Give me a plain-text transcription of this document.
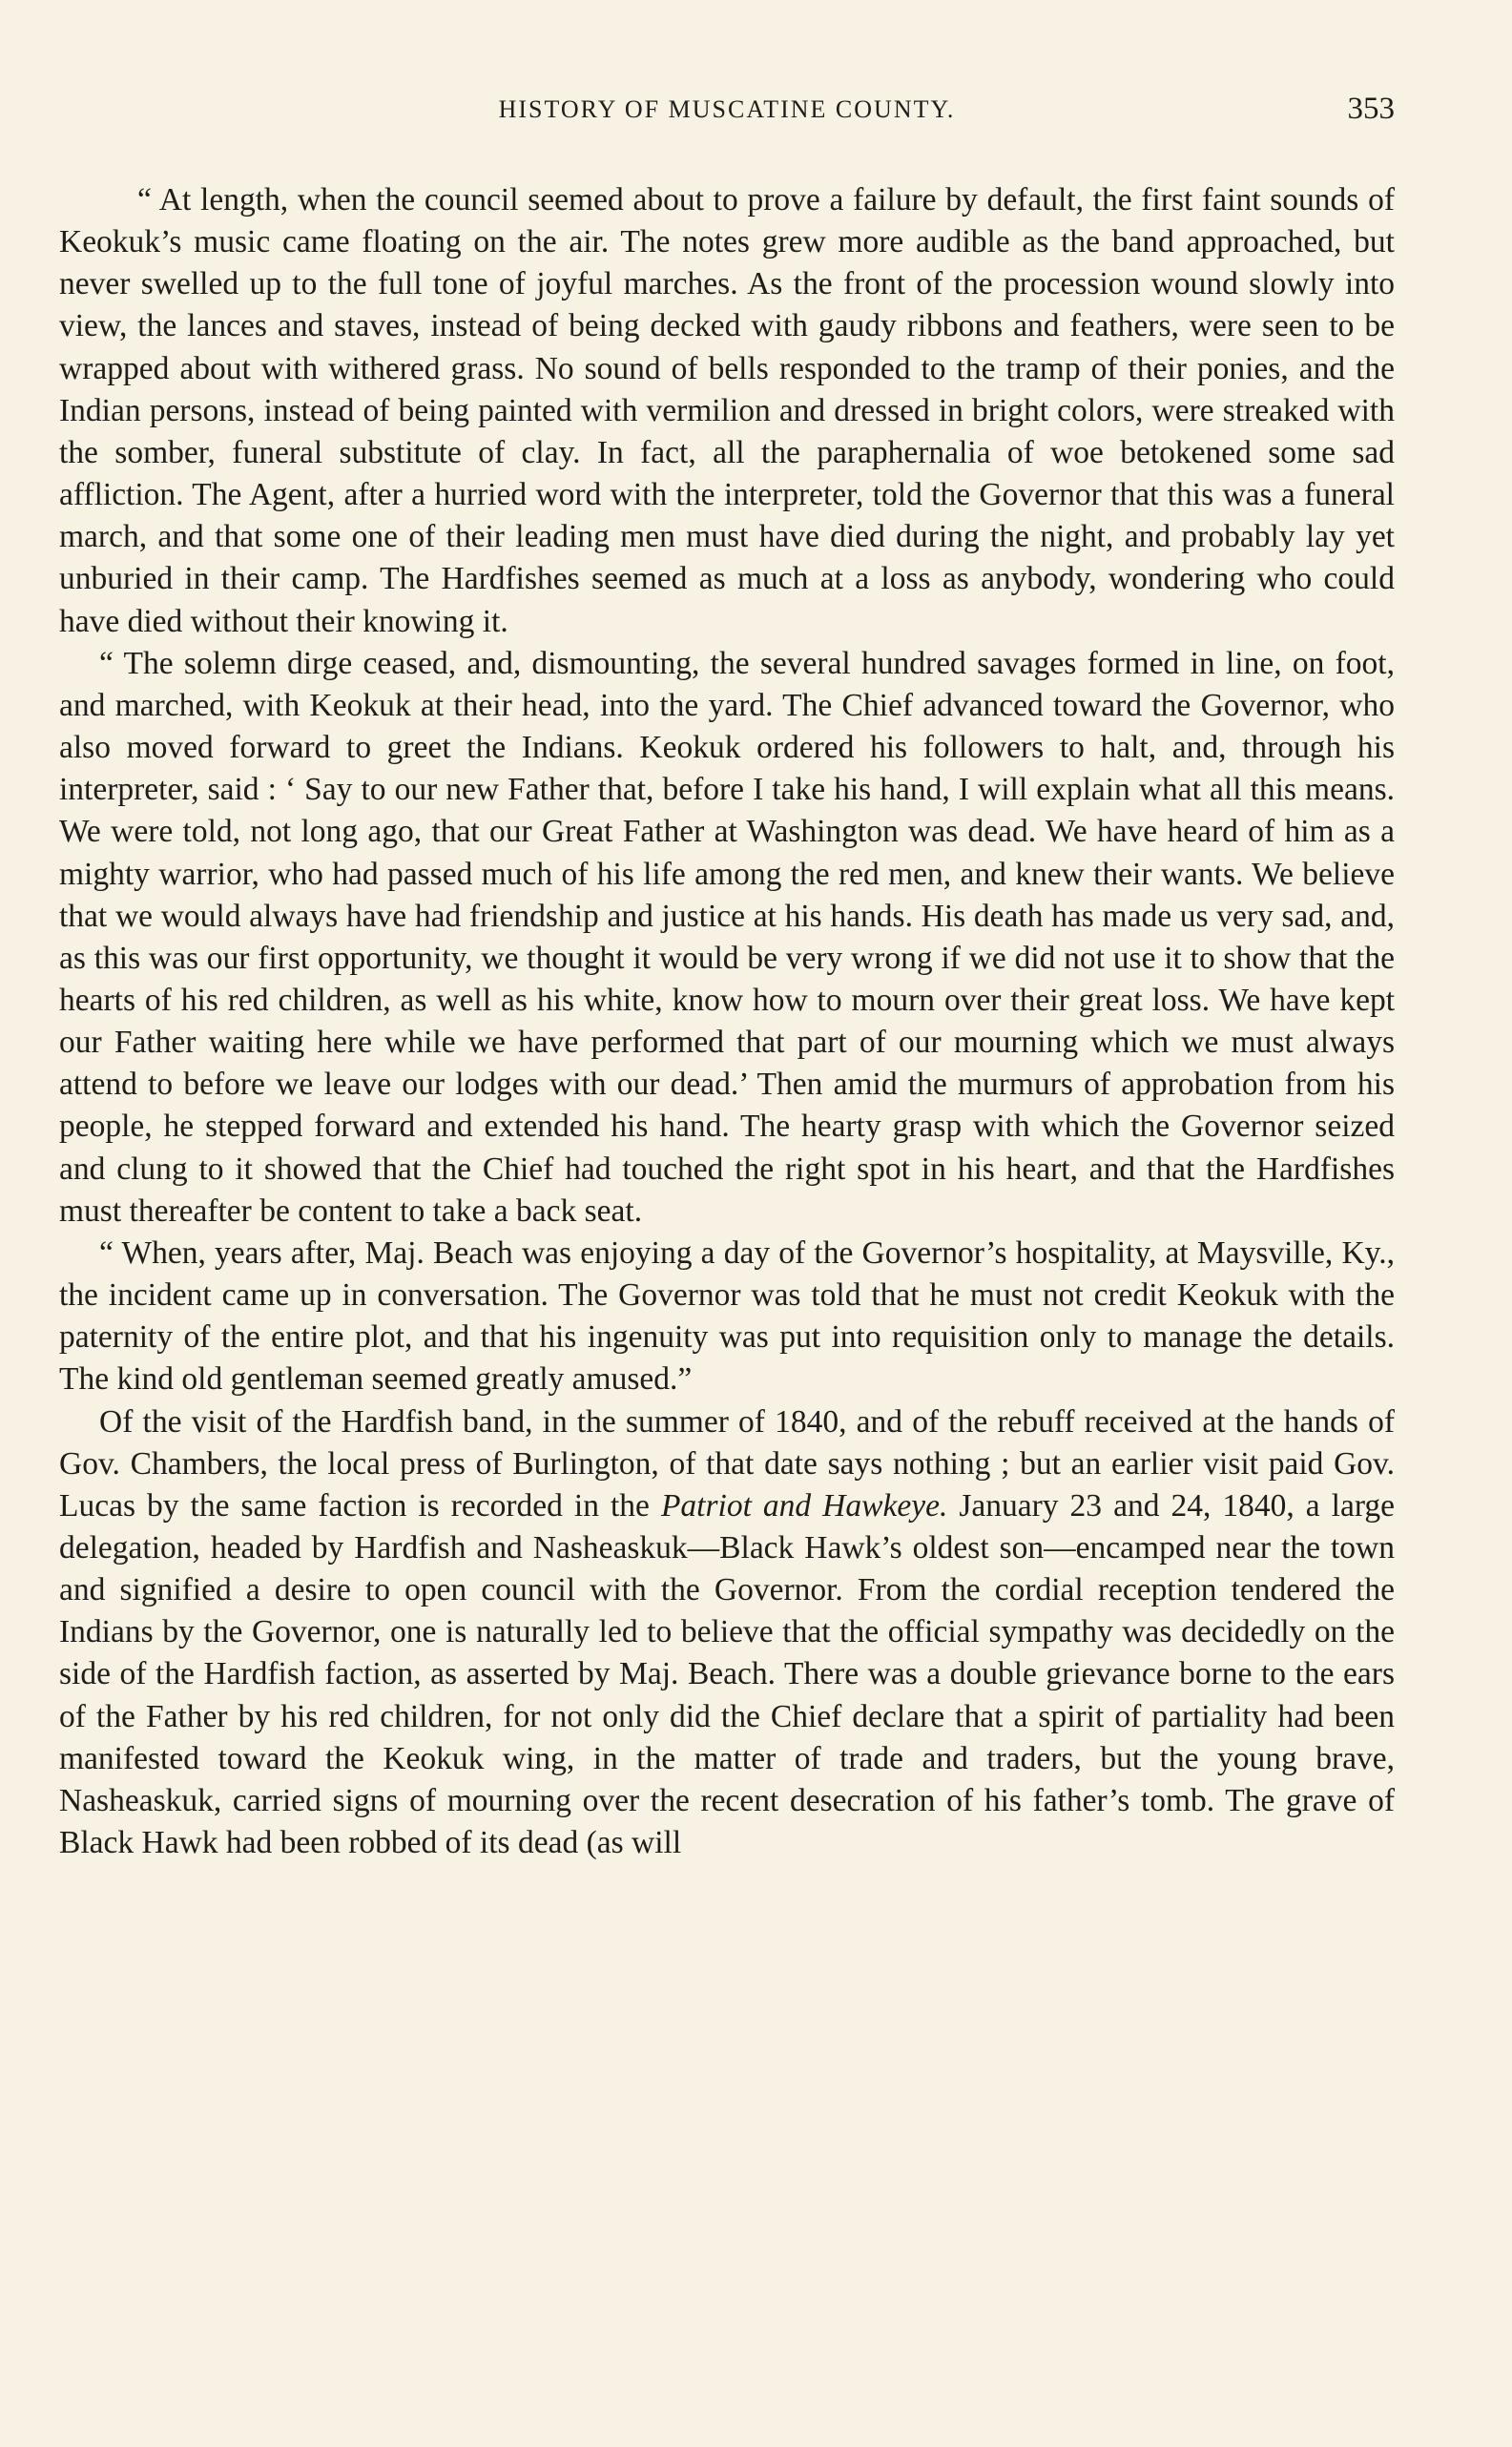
HISTORY OF MUSCATINE COUNTY.	353

“ At length, when the council seemed about to prove a failure by default, the first faint sounds of Keokuk’s music came floating on the air. The notes grew more audible as the band approached, but never swelled up to the full tone of joyful marches. As the front of the procession wound slowly into view, the lances and staves, instead of being decked with gaudy ribbons and feathers, were seen to be wrapped about with withered grass. No sound of bells responded to the tramp of their ponies, and the Indian persons, instead of being painted with vermilion and dressed in bright colors, were streaked with the somber, funeral substitute of clay. In fact, all the paraphernalia of woe betokened some sad affliction. The Agent, after a hurried word with the interpreter, told the Governor that this was a funeral march, and that some one of their leading men must have died during the night, and probably lay yet unburied in their camp. The Hardfishes seemed as much at a loss as anybody, wondering who could have died without their knowing it.

“ The solemn dirge ceased, and, dismounting, the several hundred savages formed in line, on foot, and marched, with Keokuk at their head, into the yard. The Chief advanced toward the Governor, who also moved forward to greet the Indians. Keokuk ordered his followers to halt, and, through his interpreter, said : ‘ Say to our new Father that, before I take his hand, I will explain what all this means. We were told, not long ago, that our Great Father at Washington was dead. We have heard of him as a mighty warrior, who had passed much of his life among the red men, and knew their wants. We believe that we would always have had friendship and justice at his hands. His death has made us very sad, and, as this was our first opportunity, we thought it would be very wrong if we did not use it to show that the hearts of his red children, as well as his white, know how to mourn over their great loss. We have kept our Father waiting here while we have performed that part of our mourning which we must always attend to before we leave our lodges with our dead.’ Then amid the murmurs of approbation from his people, he stepped forward and extended his hand. The hearty grasp with which the Governor seized and clung to it showed that the Chief had touched the right spot in his heart, and that the Hardfishes must thereafter be content to take a back seat.

“ When, years after, Maj. Beach was enjoying a day of the Governor’s hospitality, at Maysville, Ky., the incident came up in conversation. The Governor was told that he must not credit Keokuk with the paternity of the entire plot, and that his ingenuity was put into requisition only to manage the details. The kind old gentleman seemed greatly amused.”

Of the visit of the Hardfish band, in the summer of 1840, and of the rebuff received at the hands of Gov. Chambers, the local press of Burlington, of that date says nothing ; but an earlier visit paid Gov. Lucas by the same faction is recorded in the Patriot and Hawkeye. January 23 and 24, 1840, a large delegation, headed by Hardfish and Nasheaskuk—Black Hawk’s oldest son—encamped near the town and signified a desire to open council with the Governor. From the cordial reception tendered the Indians by the Governor, one is naturally led to believe that the official sympathy was decidedly on the side of the Hardfish faction, as asserted by Maj. Beach. There was a double grievance borne to the ears of the Father by his red children, for not only did the Chief declare that a spirit of partiality had been manifested toward the Keokuk wing, in the matter of trade and traders, but the young brave, Nasheaskuk, carried signs of mourning over the recent desecration of his father’s tomb. The grave of Black Hawk had been robbed of its dead (as will
